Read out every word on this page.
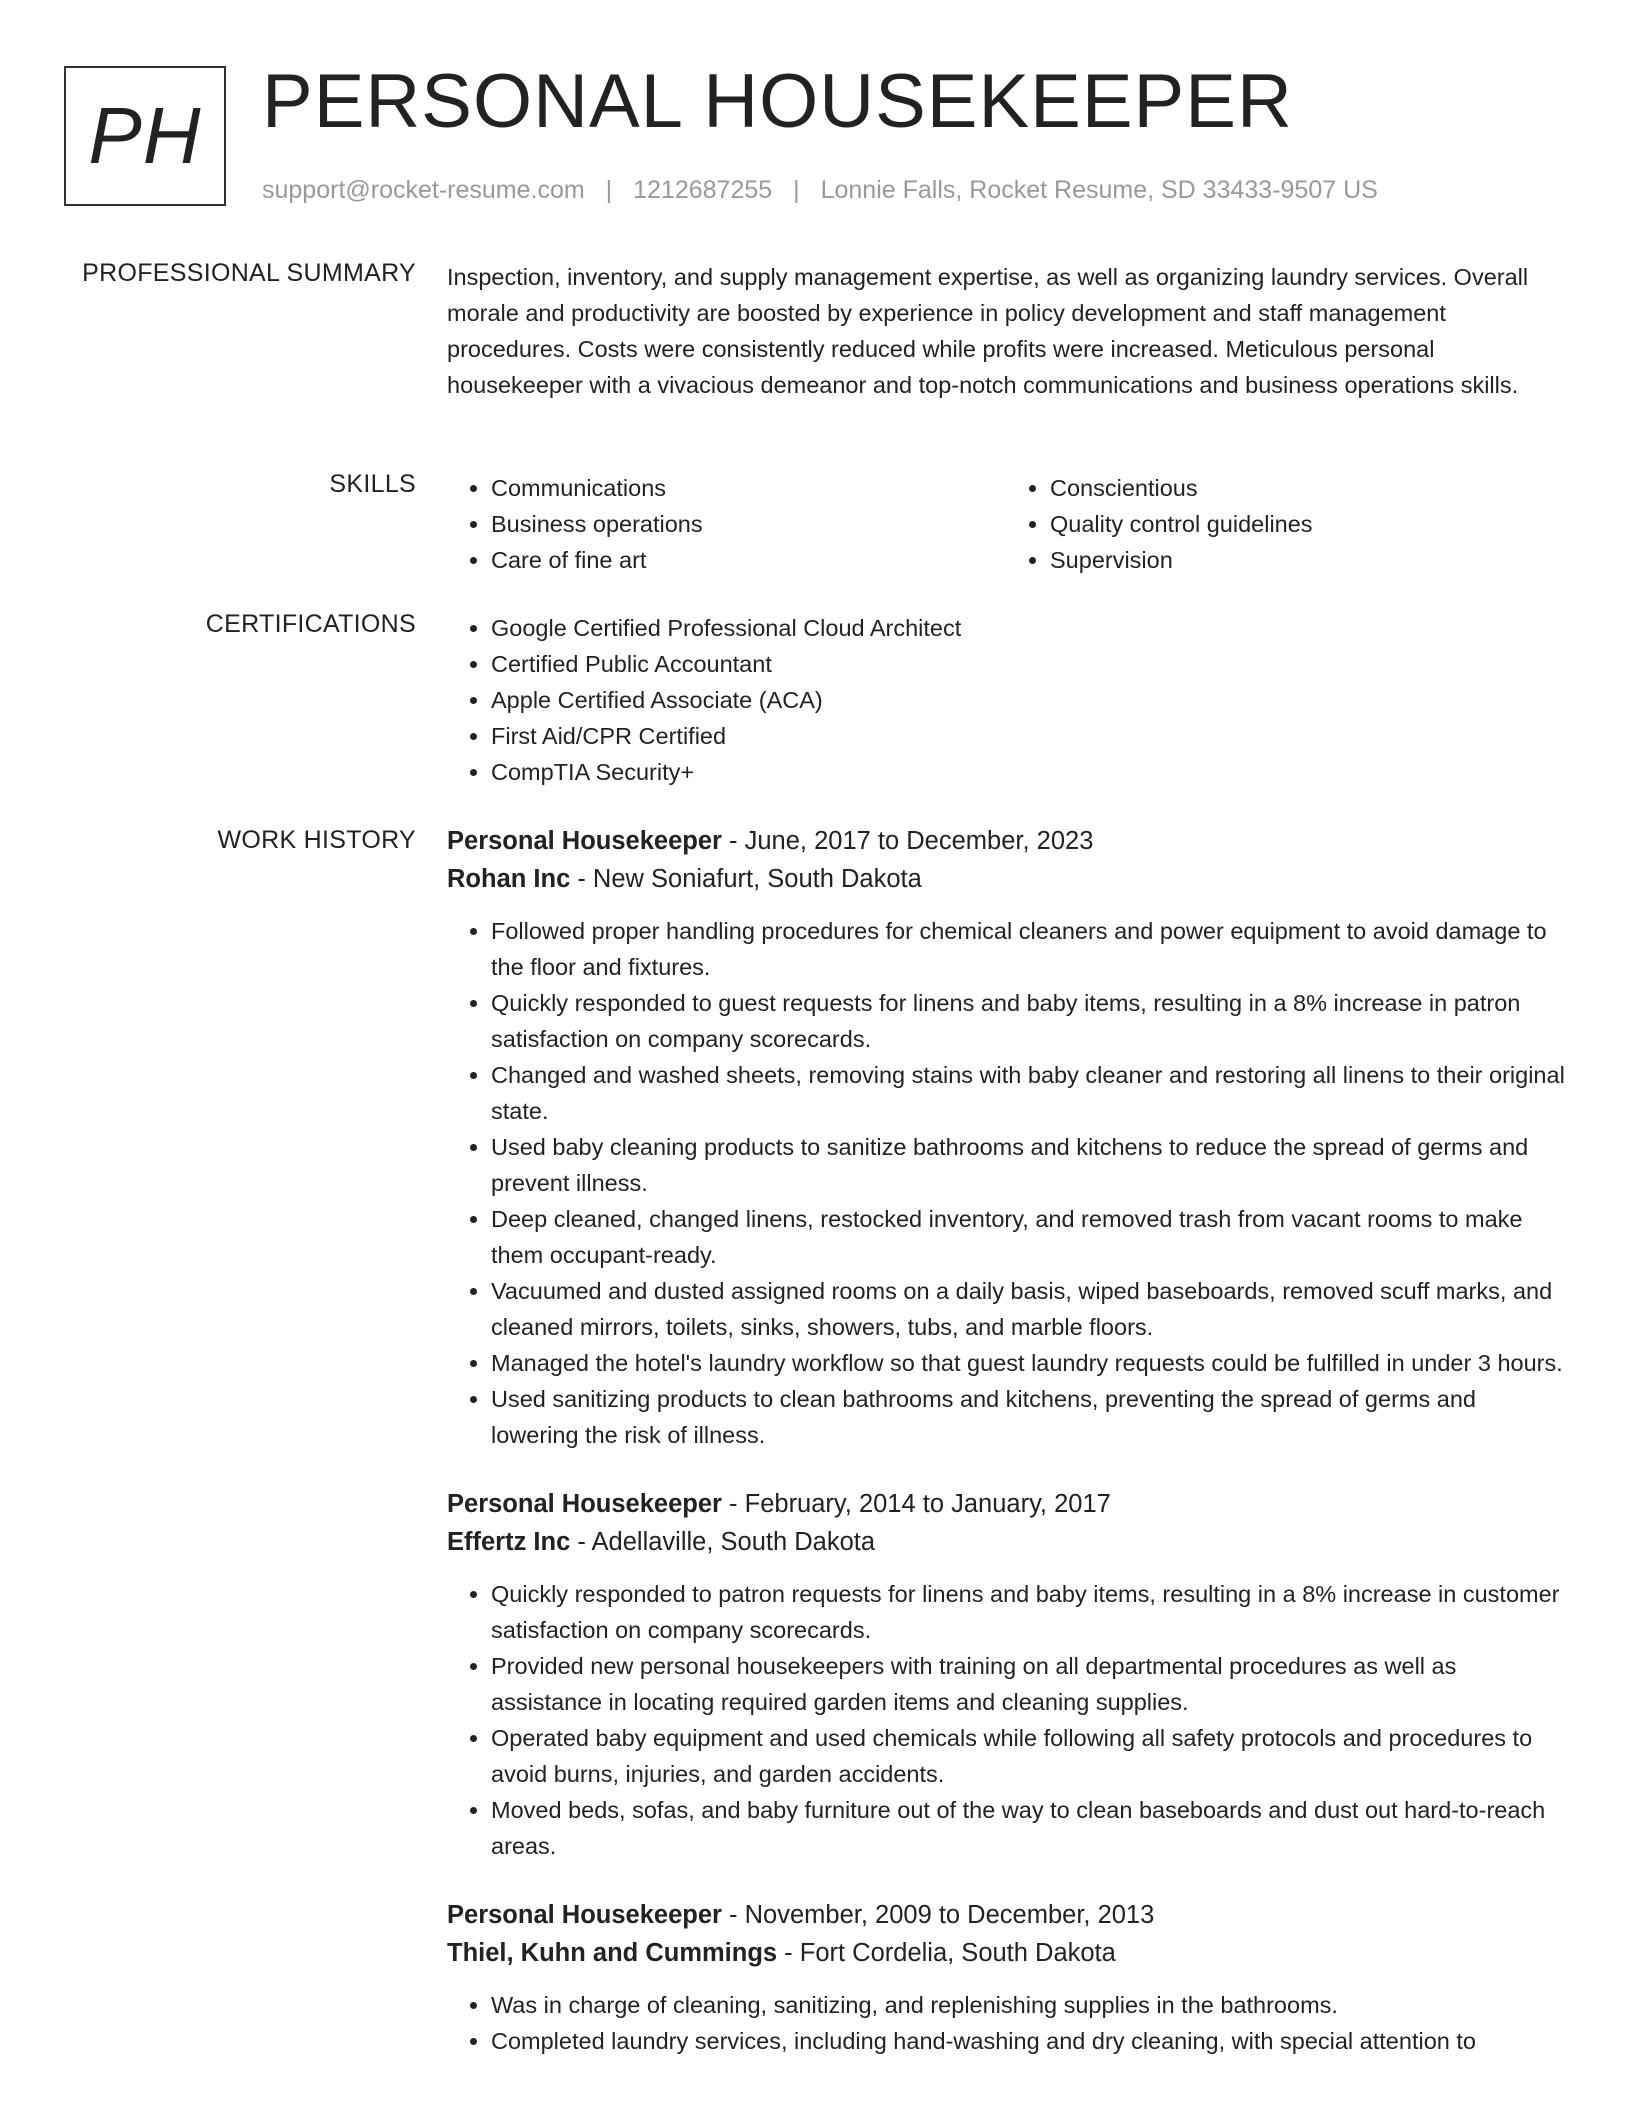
PH PERSONAL HOUSEKEEPER
support@rocket-resume.com | 1212687255 | Lonnie Falls, Rocket Resume, SD 33433-9507 US
PROFESSIONAL SUMMARY Inspection, inventory, and supply management expertise, as well as organizing laundry services. Overall morale and productivity are boosted by experience in policy development and staff management procedures. Costs were consistently reduced while profits were increased. Meticulous personal housekeeper with a vivacious demeanor and top-notch communications and business operations skills.

SKILLS	• Communications
• Business operations
• Care of fine art
• Conscientious
• Quality control guidelines
• Supervision
CERTIFICATIONS	• Google Certified Professional Cloud Architect
• Certified Public Accountant
• Apple Certified Associate (ACA)
• First Aid/CPR Certified
• CompTIA Security+
WORK HISTORY Personal Housekeeper - June, 2017 to December, 2023
Rohan Inc - New Soniafurt, South Dakota
• Followed proper handling procedures for chemical cleaners and power equipment to avoid damage to the floor and fixtures.
• Quickly responded to guest requests for linens and baby items, resulting in a 8% increase in patron satisfaction on company scorecards.
• Changed and washed sheets, removing stains with baby cleaner and restoring all linens to their original state.
• Used baby cleaning products to sanitize bathrooms and kitchens to reduce the spread of germs and prevent illness.
• Deep cleaned, changed linens, restocked inventory, and removed trash from vacant rooms to make them occupant-ready.
• Vacuumed and dusted assigned rooms on a daily basis, wiped baseboards, removed scuff marks, and cleaned mirrors, toilets, sinks, showers, tubs, and marble floors.
• Managed the hotel's laundry workflow so that guest laundry requests could be fulfilled in under 3 hours.
• Used sanitizing products to clean bathrooms and kitchens, preventing the spread of germs and lowering the risk of illness.
Personal Housekeeper - February, 2014 to January, 2017
Effertz Inc - Adellaville, South Dakota
• Quickly responded to patron requests for linens and baby items, resulting in a 8% increase in customer satisfaction on company scorecards.
• Provided new personal housekeepers with training on all departmental procedures as well as assistance in locating required garden items and cleaning supplies.
• Operated baby equipment and used chemicals while following all safety protocols and procedures to avoid burns, injuries, and garden accidents.
• Moved beds, sofas, and baby furniture out of the way to clean baseboards and dust out hard-to-reach areas.
Personal Housekeeper - November, 2009 to December, 2013
Thiel, Kuhn and Cummings - Fort Cordelia, South Dakota
• Was in charge of cleaning, sanitizing, and replenishing supplies in the bathrooms.
• Completed laundry services, including hand-washing and dry cleaning, with special attention to
